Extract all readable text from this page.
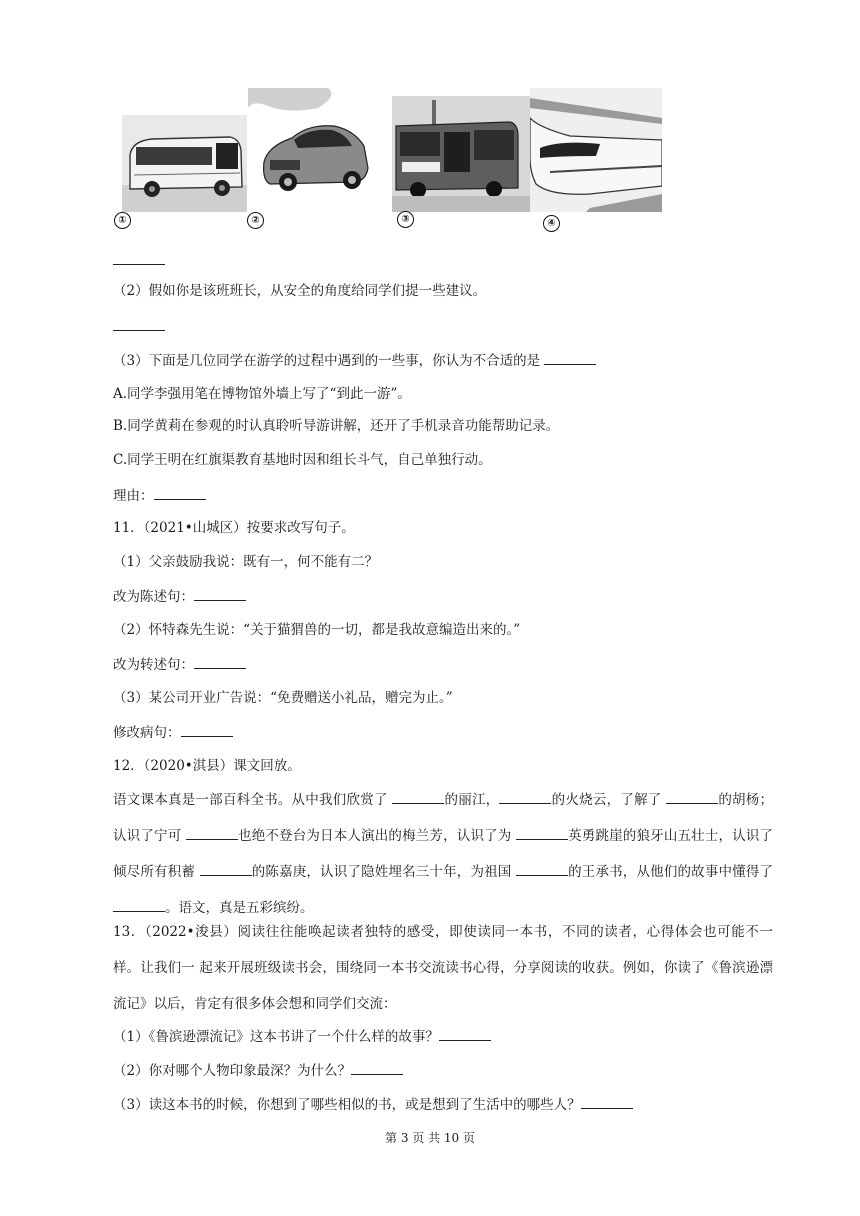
①	②	③	④
（2）假如你是该班班长，从安全的角度给同学们提一些建议。
（3）下面是几位同学在游学的过程中遇到的一些事，你认为不合适的是
A.同学李强用笔在博物馆外墙上写了“到此一游”。
B.同学黄莉在参观的时认真聆听导游讲解，还开了手机录音功能帮助记录。
C.同学王明在红旗渠教育基地时因和组长斗气，自己单独行动。
理由：
11．（2021•山城区）按要求改写句子。
（1）父亲鼓励我说：既有一，何不能有二？
改为陈述句：
（2）怀特森先生说：“关于猫猬兽的一切，都是我故意编造出来的。”
改为转述句：
（3）某公司开业广告说：“免费赠送小礼品，赠完为止。”
修改病句：
12．（2020•淇县）课文回放。
语文课本真是一部百科全书。从中我们欣赏了	的丽江，	的火烧云，了解了	的胡杨；认识了宁可	也绝不登台为日本人演出的梅兰芳，认识了为	英勇跳崖的狼牙山五壮士，认识了倾尽所有积蓄	的陈嘉庚，认识了隐姓埋名三十年，为祖国	的王承书，从他们的故事中懂得了 。语文，真是五彩缤纷。
13．（2022•浚县）阅读往往能唤起读者独特的感受，即使读同一本书，不同的读者，心得体会也可能不一样。让我们一 起来开展班级读书会，围绕同一本书交流读书心得，分享阅读的收获。例如，你读了《鲁滨逊漂流记》以后，肯定有很多体会想和同学们交流：
（1）《鲁滨逊漂流记》这本书讲了一个什么样的故事？
（2）你对哪个人物印象最深？为什么？
（3）读这本书的时候，你想到了哪些相似的书，或是想到了生活中的哪些人？
第 3 页 共 10 页
